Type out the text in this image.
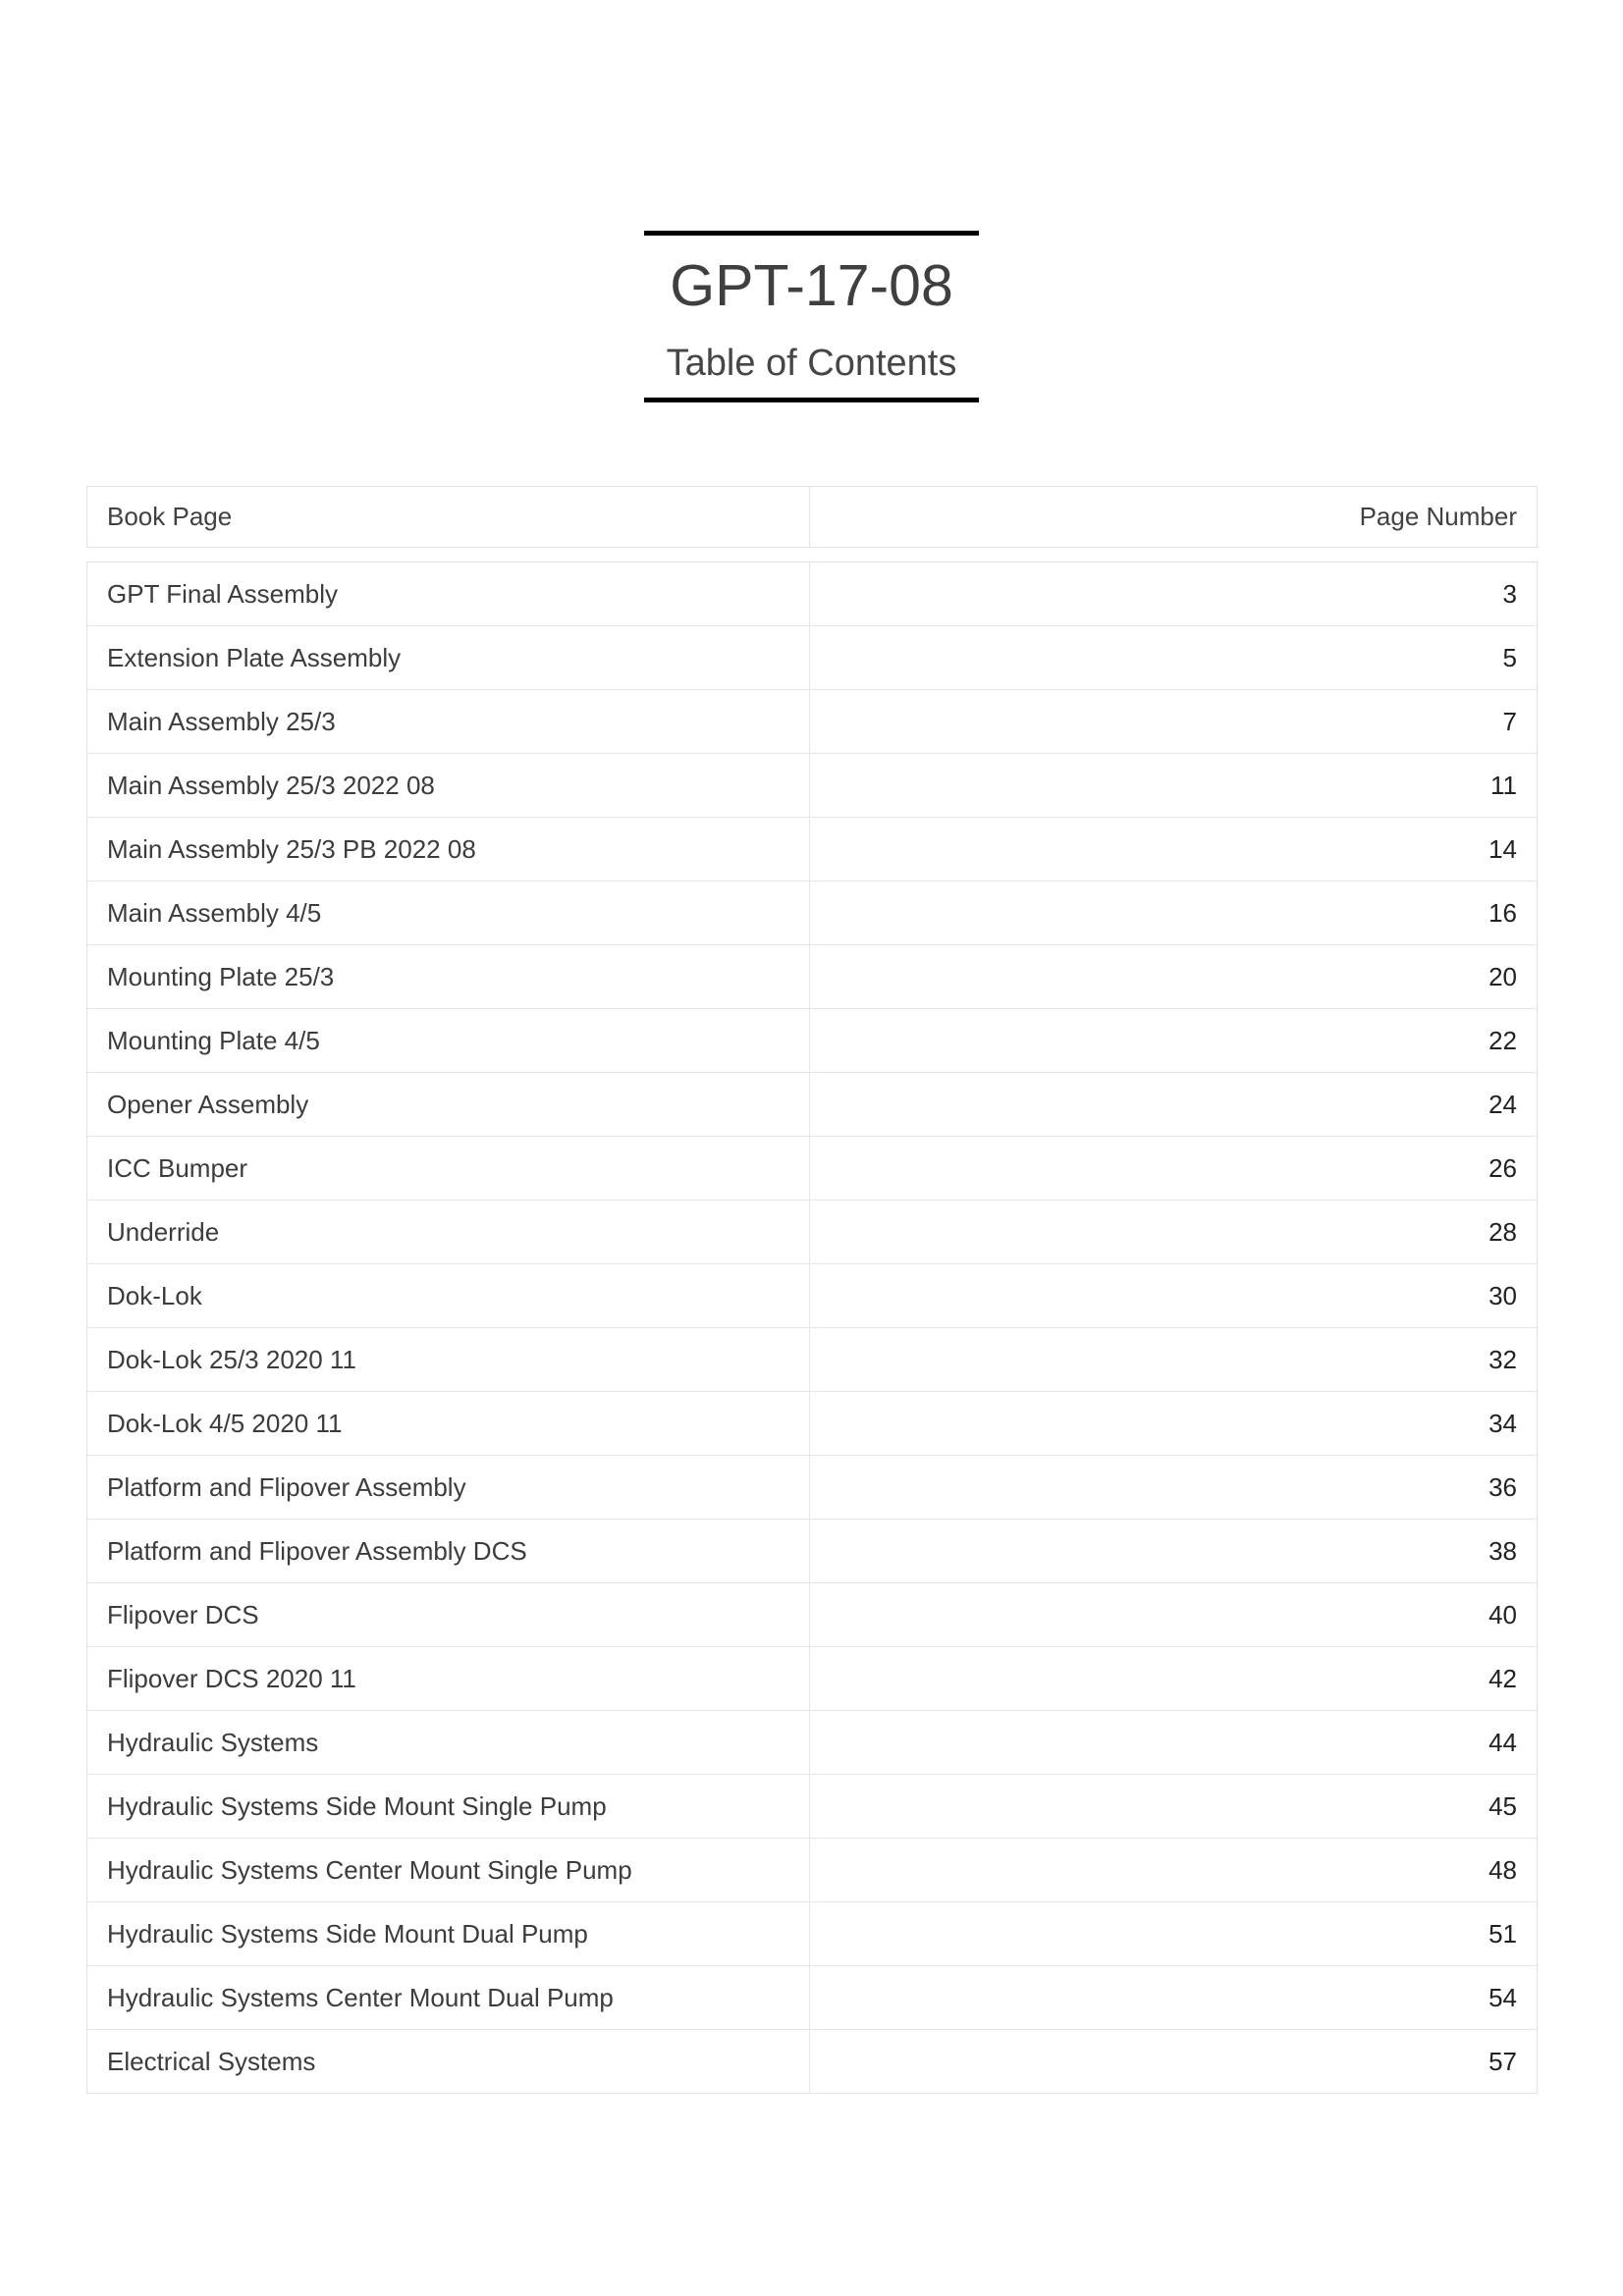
GPT-17-08
Table of Contents
Book Page	Page Number
GPT Final Assembly	3
Extension Plate Assembly	5
Main Assembly 25/3	7
Main Assembly 25/3 2022 08	11
Main Assembly 25/3 PB 2022 08	14
Main Assembly 4/5	16
Mounting Plate 25/3	20
Mounting Plate 4/5	22
Opener Assembly	24
ICC Bumper	26
Underride	28
Dok-Lok	30
Dok-Lok 25/3 2020 11	32
Dok-Lok 4/5 2020 11	34
Platform and Flipover Assembly	36
Platform and Flipover Assembly DCS	38
Flipover DCS	40
Flipover DCS 2020 11	42
Hydraulic Systems	44
Hydraulic Systems Side Mount Single Pump	45
Hydraulic Systems Center Mount Single Pump	48
Hydraulic Systems Side Mount Dual Pump	51
Hydraulic Systems Center Mount Dual Pump	54
Electrical Systems	57
